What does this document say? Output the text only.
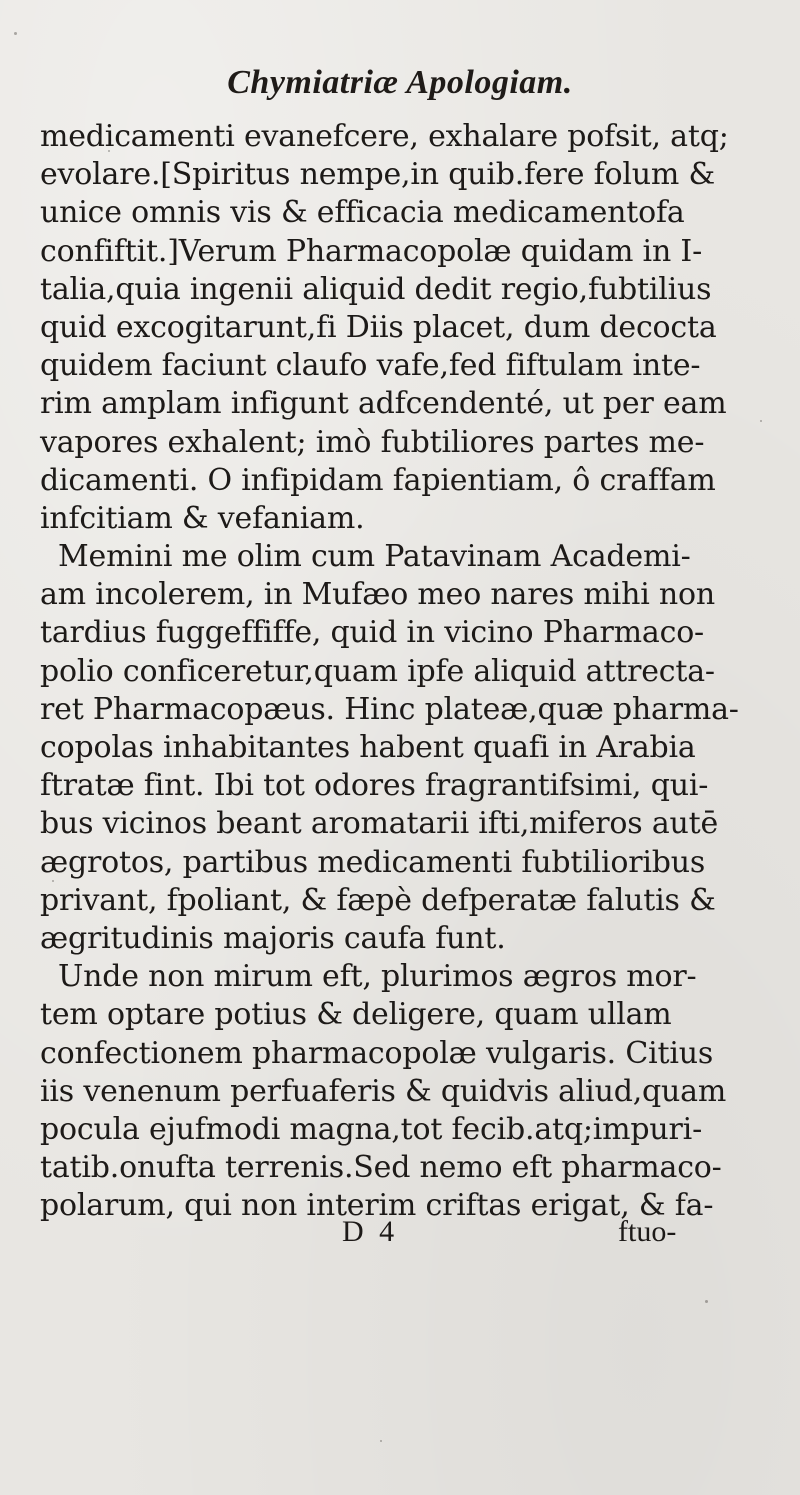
Chymiatriæ Apologiam.
medicamenti evanefcere, exhalare pofsit, atq;
evolare.[Spiritus nempe,in quib.fere folum &
unice omnis vis & efficacia medicamentofa
confiftit.]Verum Pharmacopolæ quidam in I-
talia,quia ingenii aliquid dedit regio,fubtilius
quid excogitarunt,fi Diis placet, dum decocta
quidem faciunt claufo vafe,fed fiftulam inte-
rim amplam infigunt adfcendenté, ut per eam
vapores exhalent; imò fubtiliores partes me-
dicamenti. O infipidam fapientiam, ô craffam
infcitiam & vefaniam.
Memini me olim cum Patavinam Academi-
am incolerem, in Mufæo meo nares mihi non
tardius fuggeffiffe, quid in vicino Pharmaco-
polio conficeretur,quam ipfe aliquid attrecta-
ret Pharmacopæus. Hinc plateæ,quæ pharma-
copolas inhabitantes habent quafi in Arabia
ftratæ fint. Ibi tot odores fragrantifsimi, qui-
bus vicinos beant aromatarii ifti,miferos autē
ægrotos, partibus medicamenti fubtilioribus
privant, fpoliant, & fæpè defperatæ falutis &
ægritudinis majoris caufa funt.
Unde non mirum eft, plurimos ægros mor-
tem optare potius & deligere, quam ullam
confectionem pharmacopolæ vulgaris. Citius
iis venenum perfuaferis & quidvis aliud,quam
pocula ejufmodi magna,tot fecib.atq;impuri-
tatib.onufta terrenis.Sed nemo eft pharmaco-
polarum, qui non interim criftas erigat, & fa-
D 4	ftuo-
